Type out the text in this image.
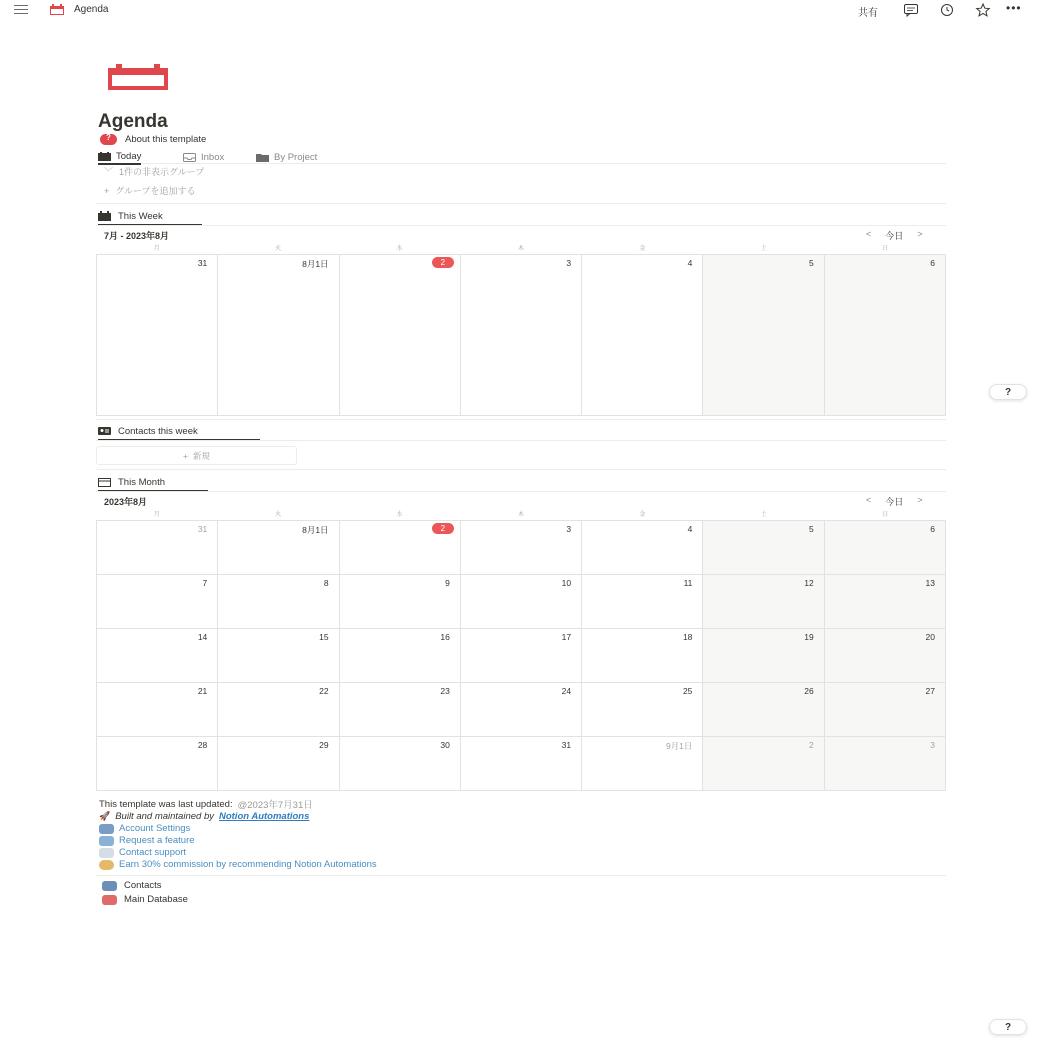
Agenda	共有	•••
Agenda
?
About this template
Today	Inbox	By Project
﹀ 1件の非表示グループ
+ グループを追加する
This Week
7月 - 2023年8月	< 今日 >
月	火	水	木	金	土	日
31	8月1日	2	3	4	5	6
Contacts this week
+ 新規
This Month
2023年8月	< 今日 >
月	火	水	木	金	土	日
31	8月1日	2	3	4	5	6
7	8	9	10	11	12	13
14	15	16	17	18	19	20
21	22	23	24	25	26	27
28	29	30	31	9月1日	2	3
?
This template was last updated: @2023年7月31日
🚀 Built and maintained by Notion Automations
Account Settings
Request a feature
Contact support
Earn 30% commission by recommending Notion Automations
Contacts
Main Database
?
